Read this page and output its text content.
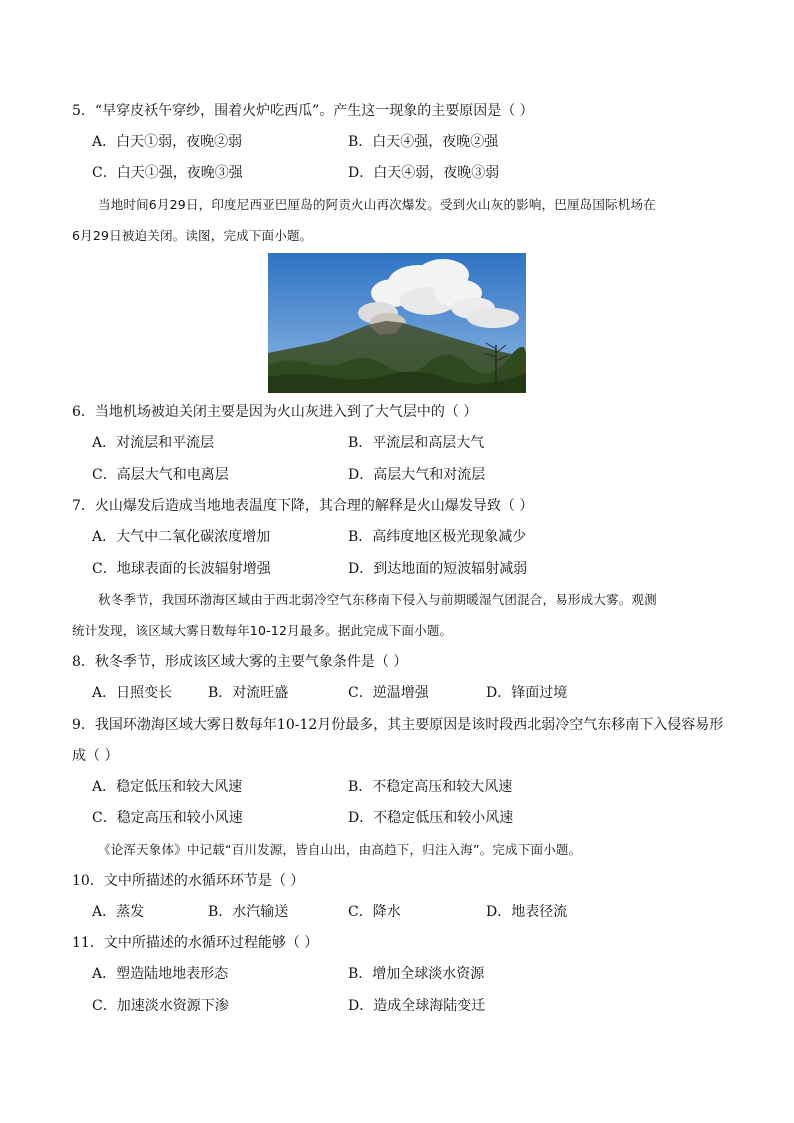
5．“早穿皮袄午穿纱，围着火炉吃西瓜”。产生这一现象的主要原因是（ ）
A．白天①弱，夜晚②弱	B．白天④强，夜晚②强
C．白天①强，夜晚③强	D．白天④弱，夜晚③弱
当地时间6月29日，印度尼西亚巴厘岛的阿贡火山再次爆发。受到火山灰的影响，巴厘岛国际机场在
6月29日被迫关闭。读图，完成下面小题。
6．当地机场被迫关闭主要是因为火山灰进入到了大气层中的（ ）
A．对流层和平流层	B．平流层和高层大气
C．高层大气和电离层	D．高层大气和对流层
7．火山爆发后造成当地地表温度下降，其合理的解释是火山爆发导致（ ）
A．大气中二氧化碳浓度增加	B．高纬度地区极光现象减少
C．地球表面的长波辐射增强	D．到达地面的短波辐射减弱
秋冬季节，我国环渤海区域由于西北弱冷空气东移南下侵入与前期暖湿气团混合，易形成大雾。观测
统计发现，该区域大雾日数每年10-12月最多。据此完成下面小题。
8．秋冬季节，形成该区域大雾的主要气象条件是（ ）
A．日照变长	B．对流旺盛	C．逆温增强	D．锋面过境
9．我国环渤海区域大雾日数每年10-12月份最多，其主要原因是该时段西北弱冷空气东移南下入侵容易形
成（ ）
A．稳定低压和较大风速	B．不稳定高压和较大风速
C．稳定高压和较小风速	D．不稳定低压和较小风速
《论浑天象体》中记载“百川发源，皆自山出，由高趋下，归注入海”。完成下面小题。
10．文中所描述的水循环环节是（ ）
A．蒸发	B．水汽输送	C．降水	D．地表径流
11．文中所描述的水循环过程能够（ ）
A．塑造陆地地表形态	B．增加全球淡水资源
C．加速淡水资源下渗	D．造成全球海陆变迁
